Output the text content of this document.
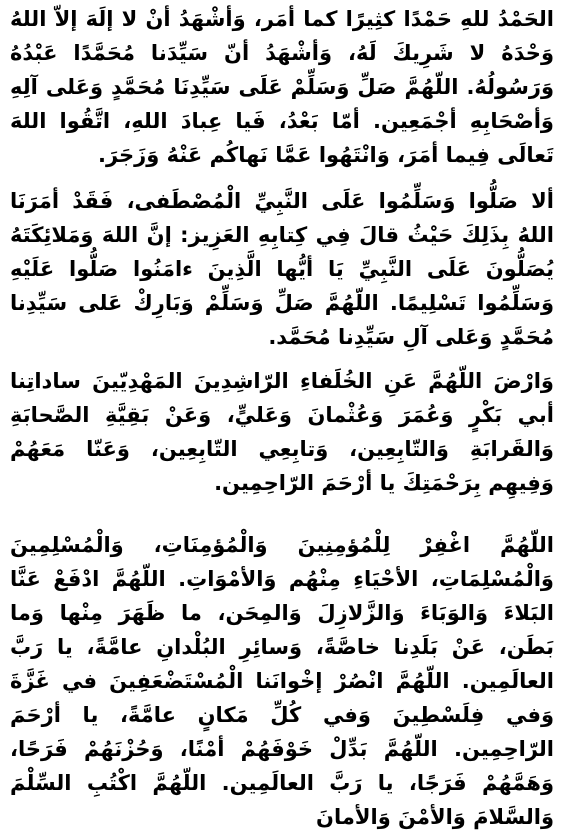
الحَمْدُ للهِ حَمْدًا كثِيرًا كما أمَر، وَأشْهَدُ أنْ لا إلَهَ إلاّ اللهُ وَحْدَهُ لا شَرِيكَ لَهُ، وَأشْهَدُ أنّ سَيِّدَنا مُحَمَّدًا عَبْدُهُ وَرَسُولُهُ. اللّهُمَّ صَلِّ وَسَلِّمْ عَلَى سَيِّدِنَا مُحَمَّدٍ وَعَلى آلِهِ وَأصْحَابِهِ أجْمَعِين. أمّا بَعْدُ، فَيا عِبادَ اللهِ، اتَّقُوا اللهَ تَعالَى فِيما أمَرَ، وَانْتَهُوا عَمَّا نَهاكُم عَنْهُ وَزَجَرَ.

ألا صَلُّوا وَسَلِّمُوا عَلَى النَّبِيِّ الْمُصْطَفى، فَقَدْ أمَرَنَا اللهُ بِذَلِكَ حَيْثُ قالَ فِي كِتابِهِ العَزِيز: إنَّ اللهَ وَمَلائِكَتَهُ يُصَلُّونَ عَلَى النَّبِيِّ يَا أيُّها الَّذِينَ ءامَنُوا صَلُّوا عَلَيْهِ وَسَلِّمُوا تَسْلِيمًا. اللّهُمَّ صَلِّ وَسَلِّمْ وَبَارِكْ عَلى سَيِّدِنا مُحَمَّدٍ وَعَلى آلِ سَيِّدِنا مُحَمَّد.

وَارْضَ اللّهُمَّ عَنِ الخُلَفاءِ الرّاشِدِينَ المَهْدِيّينَ ساداتِنا أبي بَكْرٍ وَعُمَرَ وَعُثْمانَ وَعَليٍّ، وَعَنْ بَقِيَّةِ الصَّحابَةِ وَالقَرابَةِ وَالتّابِعِين، وَتابِعِي التّابِعِين، وَعَنّا مَعَهُمْ وَفِيهِم بِرَحْمَتِكَ يا أرْحَمَ الرّاحِمِين.

اللّهُمَّ اغْفِرْ لِلْمُؤمِنِينَ وَالْمُؤمِنَاتِ، وَالْمُسْلِمِينَ وَالْمُسْلِمَاتِ، الأحْيَاءِ مِنْهُم وَالأمْوَاتِ. اللّهُمَّ ادْفَعْ عَنَّا البَلاءَ وَالوَبَاءَ وَالزَّلازِلَ وَالمِحَن، ما ظَهَرَ مِنْها وَما بَطَن، عَنْ بَلَدِنا خاصَّةً، وَسائِرِ البُلْدانِ عامَّةً، يا رَبَّ العالَمِين. اللّهُمَّ انْصُرْ إخْوانَنا الْمُسْتَضْعَفِينَ في غَزَّةَ وَفي فِلَسْطِينَ وَفي كُلِّ مَكانٍ عامَّةً، يا أرْحَمَ الرّاحِمِين. اللّهُمَّ بَدِّلْ خَوْفَهُمْ أمْنًا، وَحُزْنَهُمْ فَرَحًا، وَهَمَّهُمْ فَرَجًا، يا رَبَّ العالَمِين. اللّهُمَّ اكْتُبِ السِّلْمَ وَالسَّلامَ وَالأمْنَ وَالأمانَ
